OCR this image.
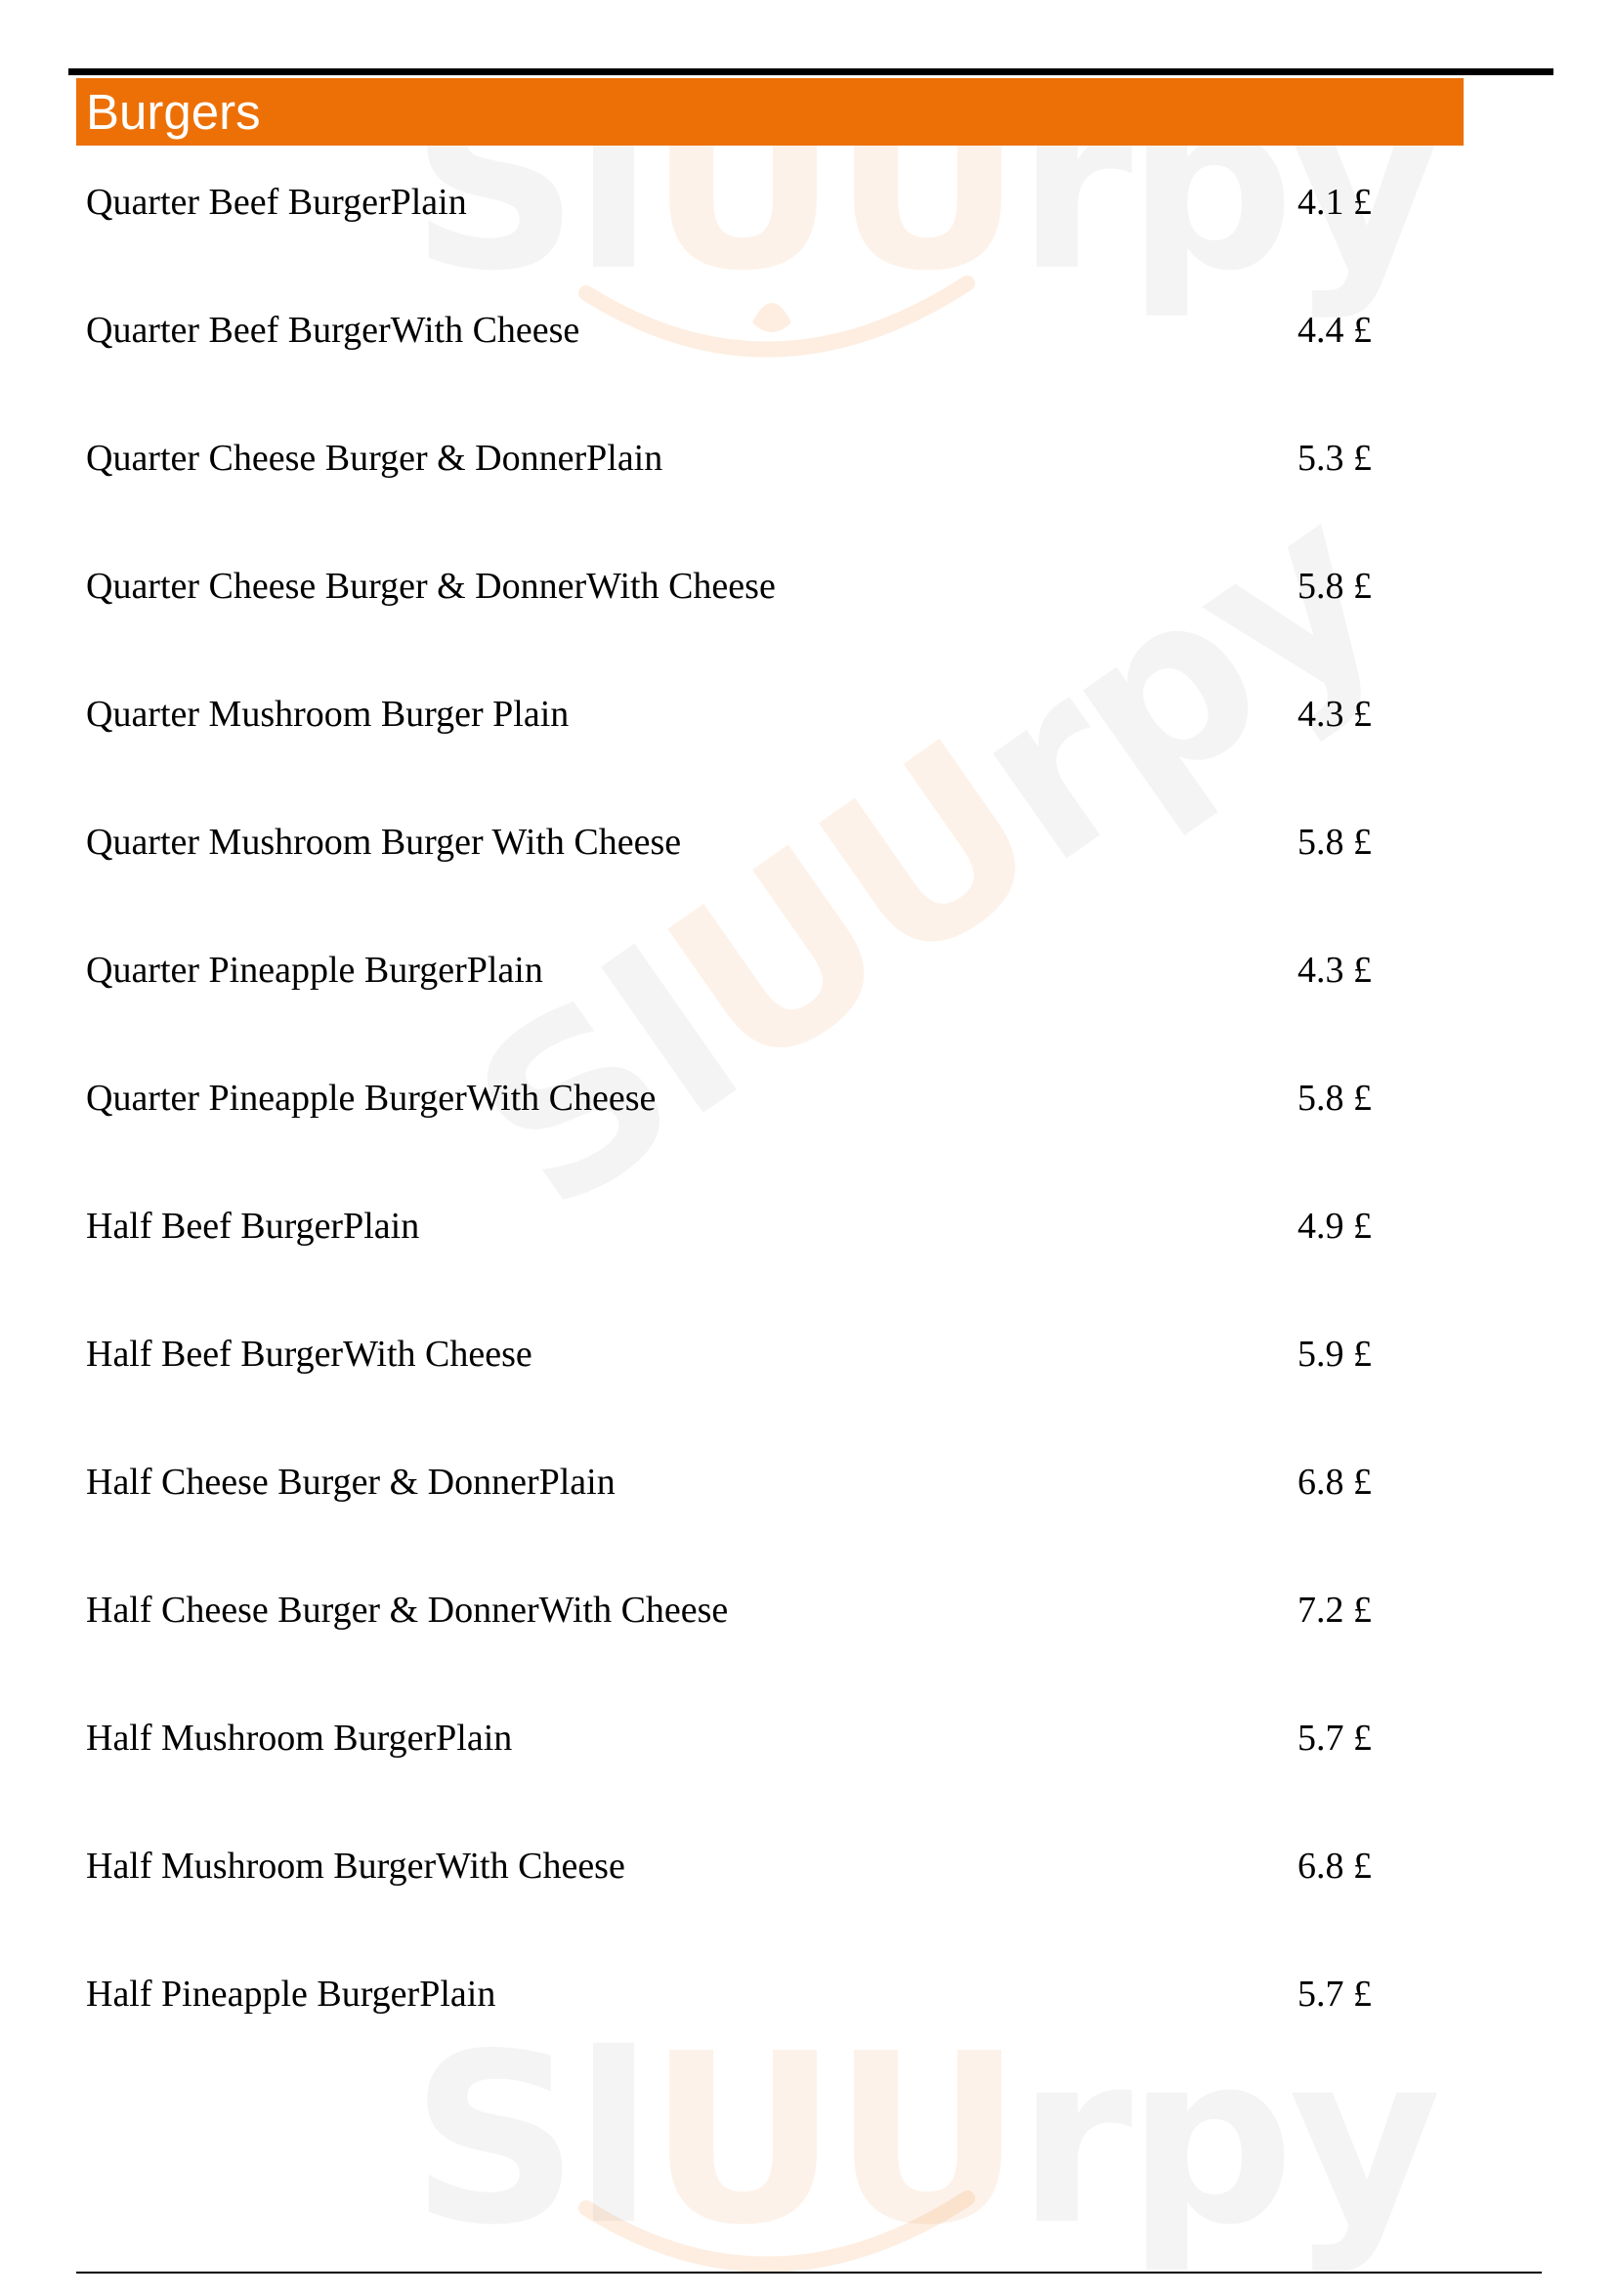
UU
UU
UU
Burgers
Quarter Beef BurgerPlain	4.1 £
Quarter Beef BurgerWith Cheese	4.4 £
Quarter Cheese Burger & DonnerPlain	5.3 £
Quarter Cheese Burger & DonnerWith Cheese	5.8 £
Quarter Mushroom Burger Plain	4.3 £
Quarter Mushroom Burger With Cheese	5.8 £
Quarter Pineapple BurgerPlain	4.3 £
Quarter Pineapple BurgerWith Cheese	5.8 £
Half Beef BurgerPlain	4.9 £
Half Beef BurgerWith Cheese	5.9 £
Half Cheese Burger & DonnerPlain	6.8 £
Half Cheese Burger & DonnerWith Cheese	7.2 £
Half Mushroom BurgerPlain	5.7 £
Half Mushroom BurgerWith Cheese	6.8 £
Half Pineapple BurgerPlain	5.7 £
